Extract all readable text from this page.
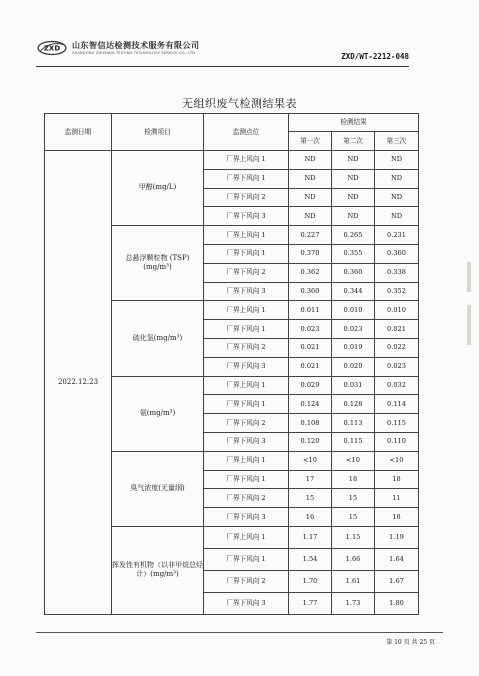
ZXD 山东智信达检测技术服务有限公司
SHANDONG ZHIXINDA TESTING TECHNOLOGY SERVICE CO., LTD	ZXD/WT-2212-048
无组织废气检测结果表
监测日期	检测项目	监测点位	检测结果		
			第一次	第二次	第三次
2022.12.23	甲醇(mg/L)	厂界上风向 1	ND	ND	ND
		厂界下风向 1	ND	ND	ND
		厂界下风向 2	ND	ND	ND
		厂界下风向 3	ND	ND	ND
	总悬浮颗粒物 (TSP)(mg/m³)	厂界上风向 1	0.227	0.265	0.231
		厂界下风向 1	0.370	0.355	0.360
		厂界下风向 2	0.362	0.360	0.338
		厂界下风向 3	0.360	0.344	0.352
	硫化氢(mg/m³)	厂界上风向 1	0.011	0.010	0.010
		厂界下风向 1	0.023	0.023	0.021
		厂界下风向 2	0.021	0.019	0.022
		厂界下风向 3	0.021	0.020	0.023
	氨(mg/m³)	厂界上风向 1	0.029	0.031	0.032
		厂界下风向 1	0.124	0.128	0.114
		厂界下风向 2	0.108	0.113	0.115
		厂界下风向 3	0.120	0.115	0.110
	臭气浓度(无量纲)	厂界上风向 1	<10	<10	<10
		厂界下风向 1	17	18	18
		厂界下风向 2	15	15	11
		厂界下风向 3	16	15	18
	挥发性有机物（以非甲烷总烃计）(mg/m³)	厂界上风向 1	1.17	1.15	1.19
		厂界下风向 1	1.54	1.66	1.64
		厂界下风向 2	1.70	1.61	1.67
		厂界下风向 3	1.77	1.73	1.80
第 10 页 共 25 页
